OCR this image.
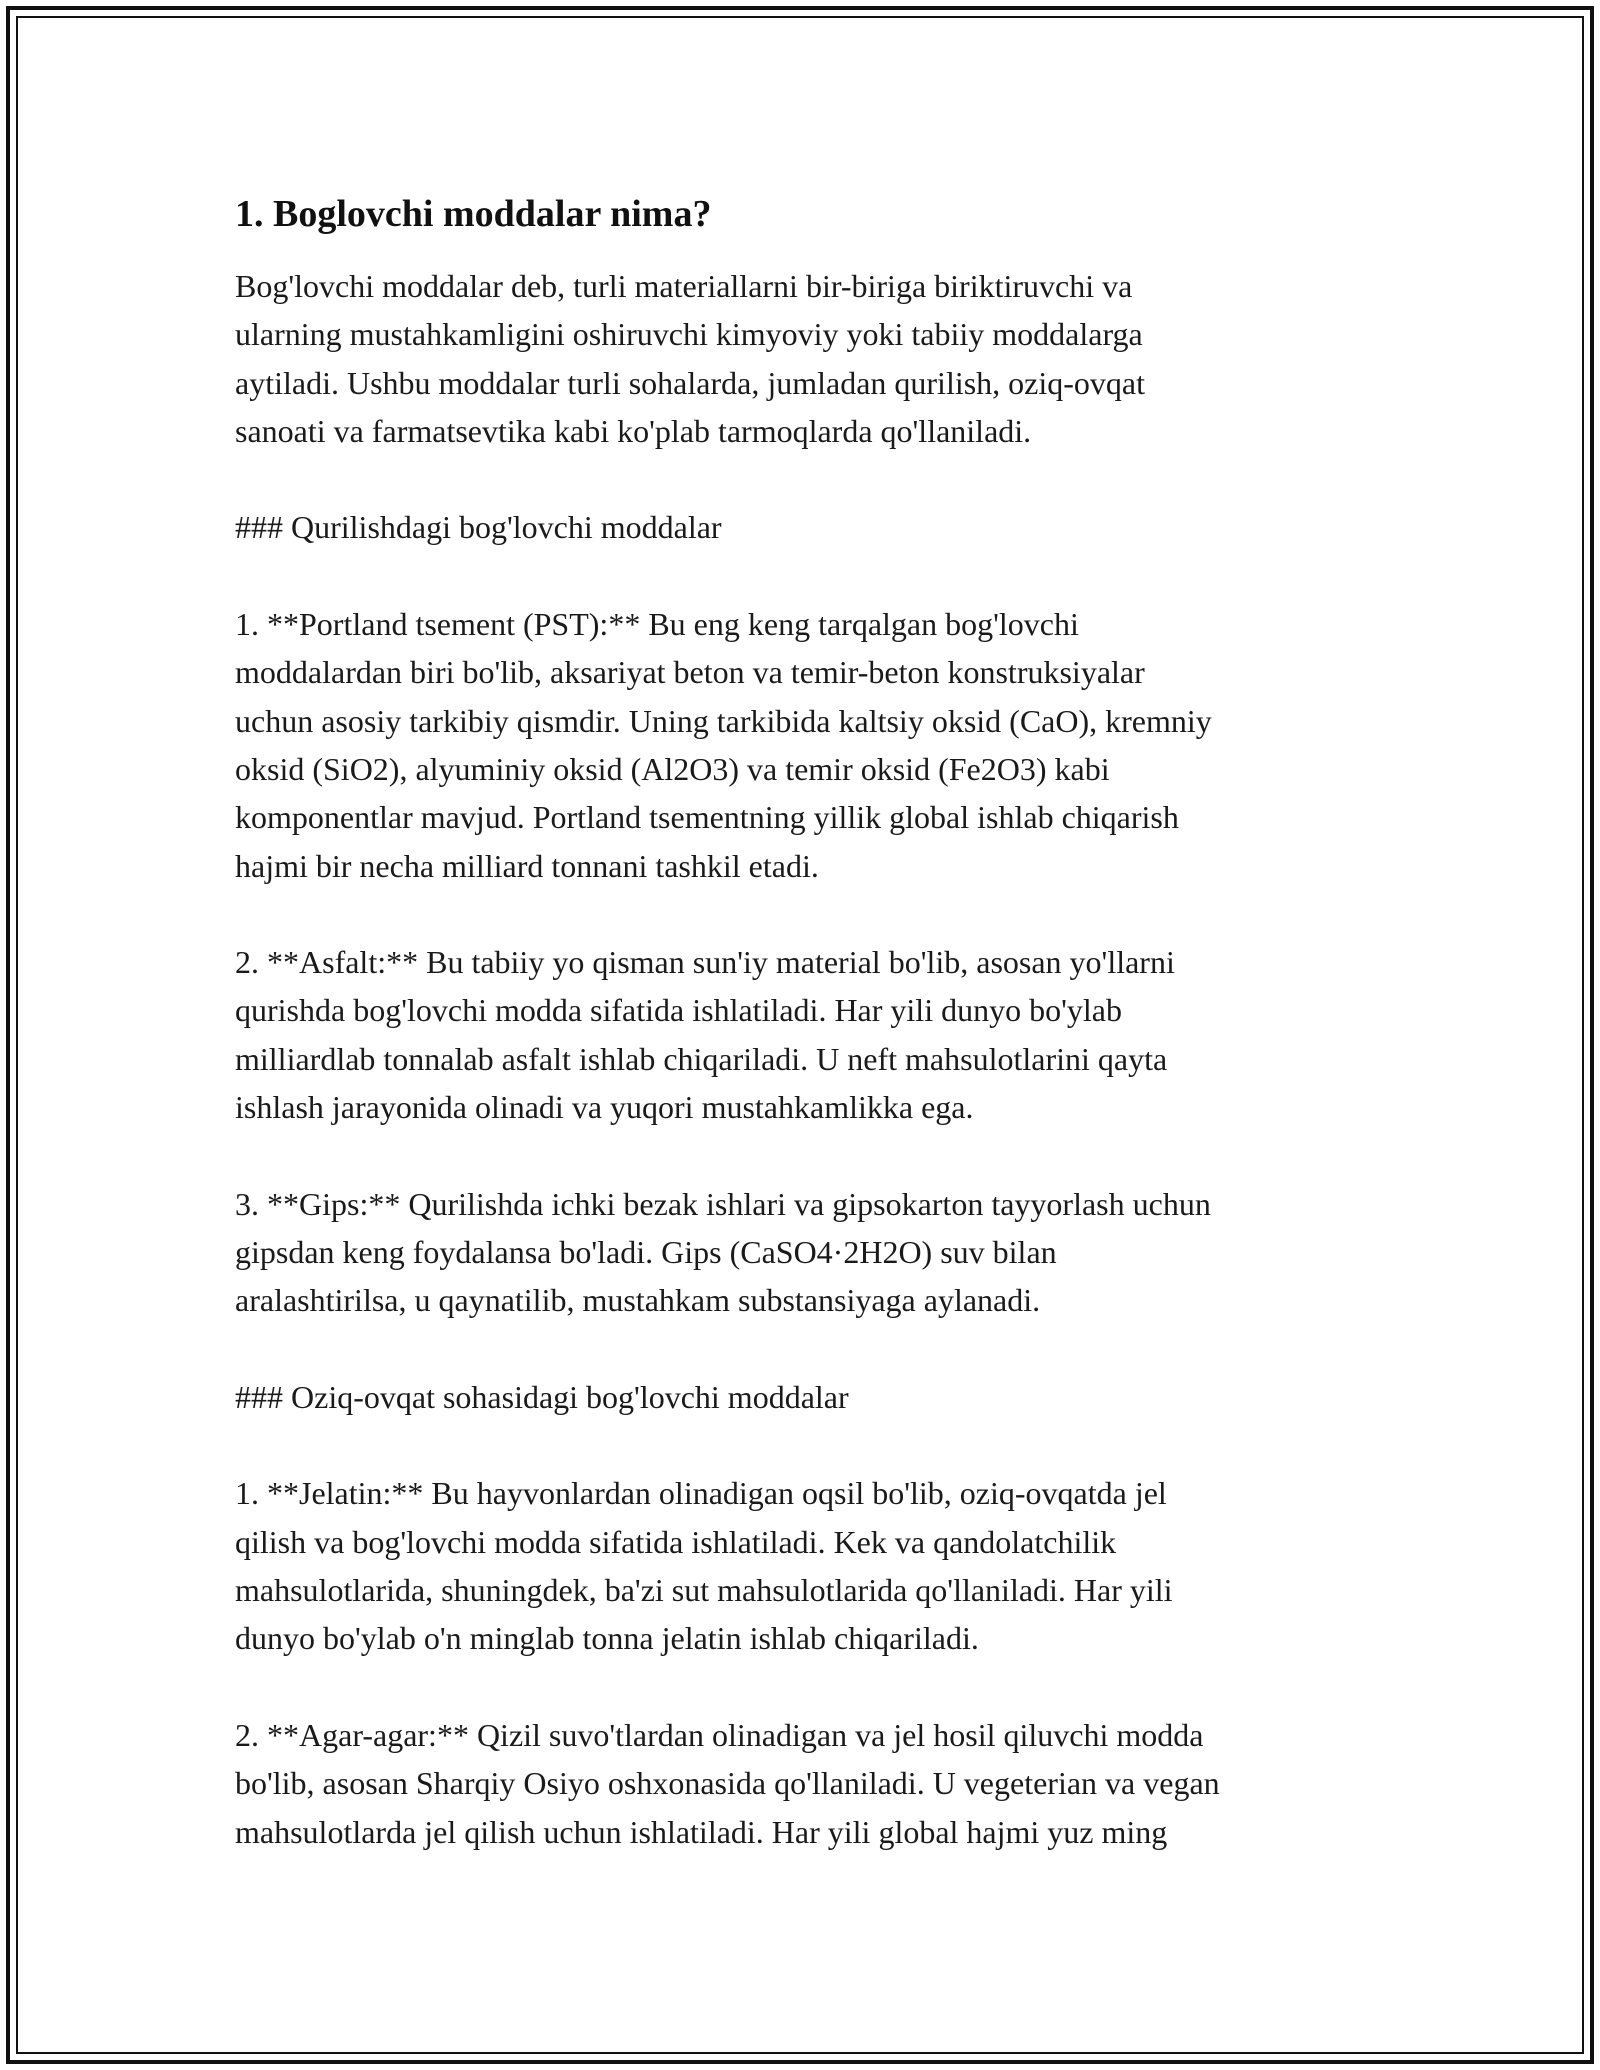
1. Boglovchi moddalar nima?

Bog'lovchi moddalar deb, turli materiallarni bir-biriga biriktiruvchi va
ularning mustahkamligini oshiruvchi kimyoviy yoki tabiiy moddalarga
aytiladi. Ushbu moddalar turli sohalarda, jumladan qurilish, oziq-ovqat
sanoati va farmatsevtika kabi ko'plab tarmoqlarda qo'llaniladi.

### Qurilishdagi bog'lovchi moddalar

1. **Portland tsement (PST):** Bu eng keng tarqalgan bog'lovchi
moddalardan biri bo'lib, aksariyat beton va temir-beton konstruksiyalar
uchun asosiy tarkibiy qismdir. Uning tarkibida kaltsiy oksid (CaO), kremniy
oksid (SiO2), alyuminiy oksid (Al2O3) va temir oksid (Fe2O3) kabi
komponentlar mavjud. Portland tsementning yillik global ishlab chiqarish
hajmi bir necha milliard tonnani tashkil etadi.

2. **Asfalt:** Bu tabiiy yo qisman sun'iy material bo'lib, asosan yo'llarni
qurishda bog'lovchi modda sifatida ishlatiladi. Har yili dunyo bo'ylab
milliardlab tonnalab asfalt ishlab chiqariladi. U neft mahsulotlarini qayta
ishlash jarayonida olinadi va yuqori mustahkamlikka ega.

3. **Gips:** Qurilishda ichki bezak ishlari va gipsokarton tayyorlash uchun
gipsdan keng foydalansa bo'ladi. Gips (CaSO4·2H2O) suv bilan
aralashtirilsa, u qaynatilib, mustahkam substansiyaga aylanadi.

### Oziq-ovqat sohasidagi bog'lovchi moddalar

1. **Jelatin:** Bu hayvonlardan olinadigan oqsil bo'lib, oziq-ovqatda jel
qilish va bog'lovchi modda sifatida ishlatiladi. Kek va qandolatchilik
mahsulotlarida, shuningdek, ba'zi sut mahsulotlarida qo'llaniladi. Har yili
dunyo bo'ylab o'n minglab tonna jelatin ishlab chiqariladi.

2. **Agar-agar:** Qizil suvo'tlardan olinadigan va jel hosil qiluvchi modda
bo'lib, asosan Sharqiy Osiyo oshxonasida qo'llaniladi. U vegeterian va vegan
mahsulotlarda jel qilish uchun ishlatiladi. Har yili global hajmi yuz ming
